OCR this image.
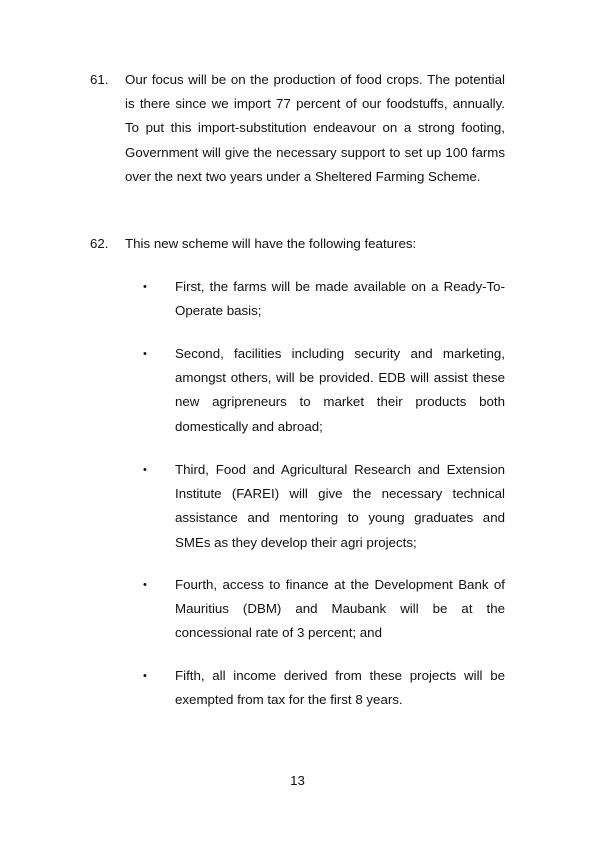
61. Our focus will be on the production of food crops. The potential is there since we import 77 percent of our foodstuffs, annually. To put this import-substitution endeavour on a strong footing, Government will give the necessary support to set up 100 farms over the next two years under a Sheltered Farming Scheme.
62. This new scheme will have the following features:
• First, the farms will be made available on a Ready-To-Operate basis;
• Second, facilities including security and marketing, amongst others, will be provided. EDB will assist these new agripreneurs to market their products both domestically and abroad;
• Third, Food and Agricultural Research and Extension Institute (FAREI) will give the necessary technical assistance and mentoring to young graduates and SMEs as they develop their agri projects;
• Fourth, access to finance at the Development Bank of Mauritius (DBM) and Maubank will be at the concessional rate of 3 percent; and
• Fifth, all income derived from these projects will be exempted from tax for the first 8 years.
13
